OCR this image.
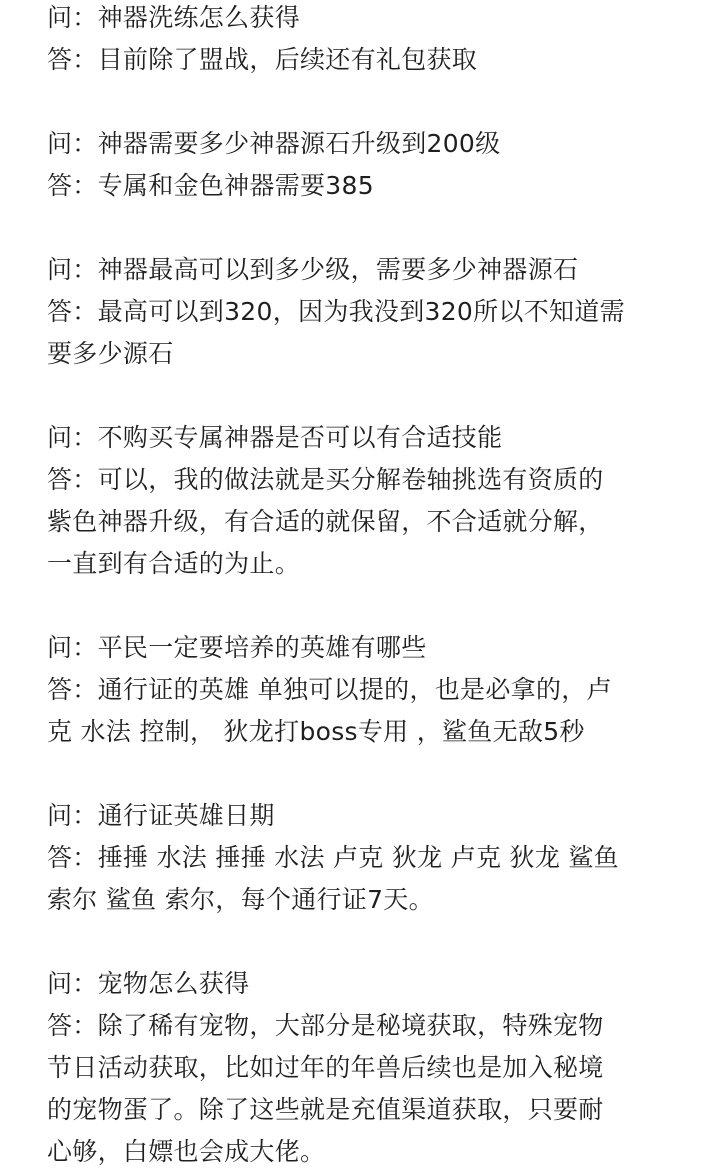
问：神器洗练怎么获得
答：目前除了盟战，后续还有礼包获取
问：神器需要多少神器源石升级到200级
答：专属和金色神器需要385
问：神器最高可以到多少级，需要多少神器源石
答：最高可以到320，因为我没到320所以不知道需
要多少源石
问：不购买专属神器是否可以有合适技能
答：可以，我的做法就是买分解卷轴挑选有资质的
紫色神器升级，有合适的就保留，不合适就分解，
一直到有合适的为止。
问：平民一定要培养的英雄有哪些
答：通行证的英雄 单独可以提的，也是必拿的，卢
克 水法 控制， 狄龙打boss专用 ，鲨鱼无敌5秒
问：通行证英雄日期
答：捶捶 水法 捶捶 水法 卢克 狄龙 卢克 狄龙 鲨鱼
索尔 鲨鱼 索尔，每个通行证7天。
问：宠物怎么获得
答：除了稀有宠物，大部分是秘境获取，特殊宠物
节日活动获取，比如过年的年兽后续也是加入秘境
的宠物蛋了。除了这些就是充值渠道获取，只要耐
心够，白嫖也会成大佬。
